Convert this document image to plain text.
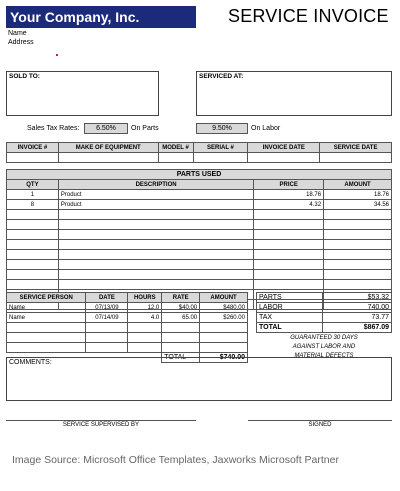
Your Company, Inc.	SERVICE INVOICE
Name
Address
SOLD TO:	SERVICED AT:
Sales Tax Rates:	6.50%	On Parts	9.50%	On Labor
INVOICE #	MAKE OF EQUIPMENT	MODEL #	SERIAL #	INVOICE DATE	SERVICE DATE

PARTS USED			
QTY	DESCRIPTION	PRICE	AMOUNT
1	Product	18.76	18.76
8	Product	4.32	34.56

SERVICE PERSON	DATE	HOURS	RATE	AMOUNT
Name	07/13/09	12.0	$40.00	$480.00
Name	07/14/09	4.0	65.00	$260.00

			TOTAL	$740.00
PARTS	$53.32
LABOR	740.00
TAX	73.77
TOTAL	$867.09
GUARANTEED 30 DAYS
AGAINST LABOR AND
MATERIAL DEFECTS
COMMENTS:
SERVICE SUPERVISED BY	SIGNED
Image Source: Microsoft Office Templates, Jaxworks Microsoft Partner
